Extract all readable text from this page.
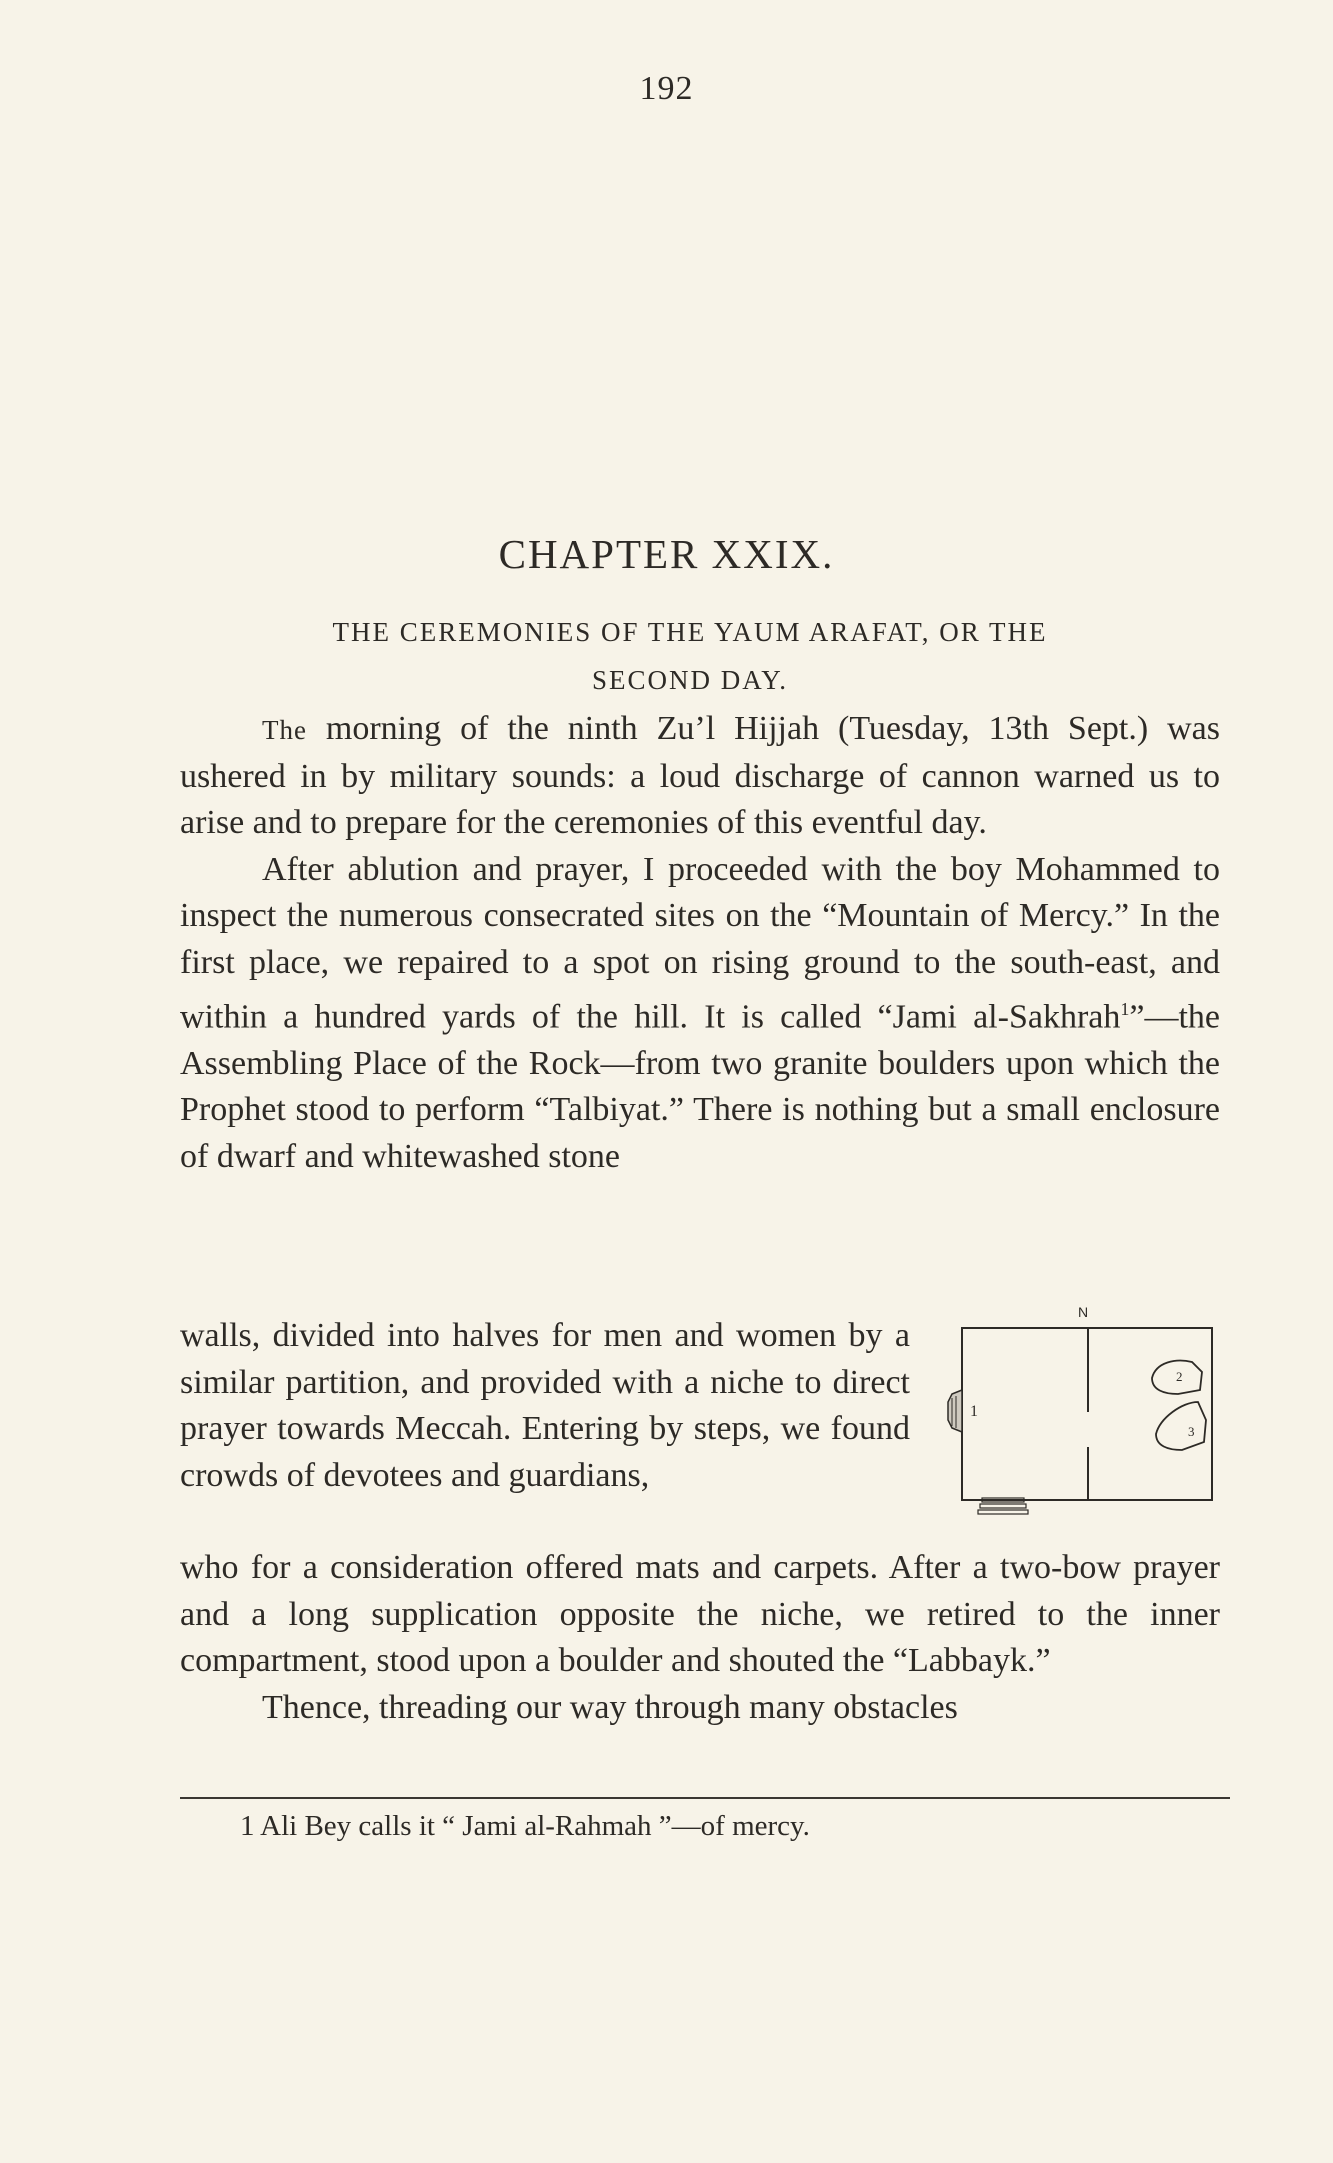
192
CHAPTER XXIX.
THE CEREMONIES OF THE YAUM ARAFAT, OR THE
SECOND DAY.

The morning of the ninth Zu’l Hijjah (Tuesday, 13th Sept.) was ushered in by military sounds: a loud discharge of cannon warned us to arise and to prepare for the ceremonies of this eventful day.

After ablution and prayer, I proceeded with the boy Mohammed to inspect the numerous consecrated sites on the “Mountain of Mercy.” In the first place, we repaired to a spot on rising ground to the south-east, and within a hundred yards of the hill. It is called “Jami al-Sakhrah$^1$”—the Assembling Place of the Rock—from two granite boulders upon which the Prophet stood to perform “Talbiyat.” There is nothing but a small enclosure of dwarf and whitewashed stone

walls, divided into halves for men and women by a similar partition, and provided with a niche to direct prayer towards Meccah. Entering by steps, we found crowds of devotees and guardians,

who for a consideration offered mats and carpets. After a two-bow prayer and a long supplication opposite the niche, we retired to the inner compartment, stood upon a boulder and shouted the “Labbayk.”

Thence, threading our way through many obstacles

N
1
2
3
1 Ali Bey calls it “ Jami al-Rahmah ”—of mercy.
